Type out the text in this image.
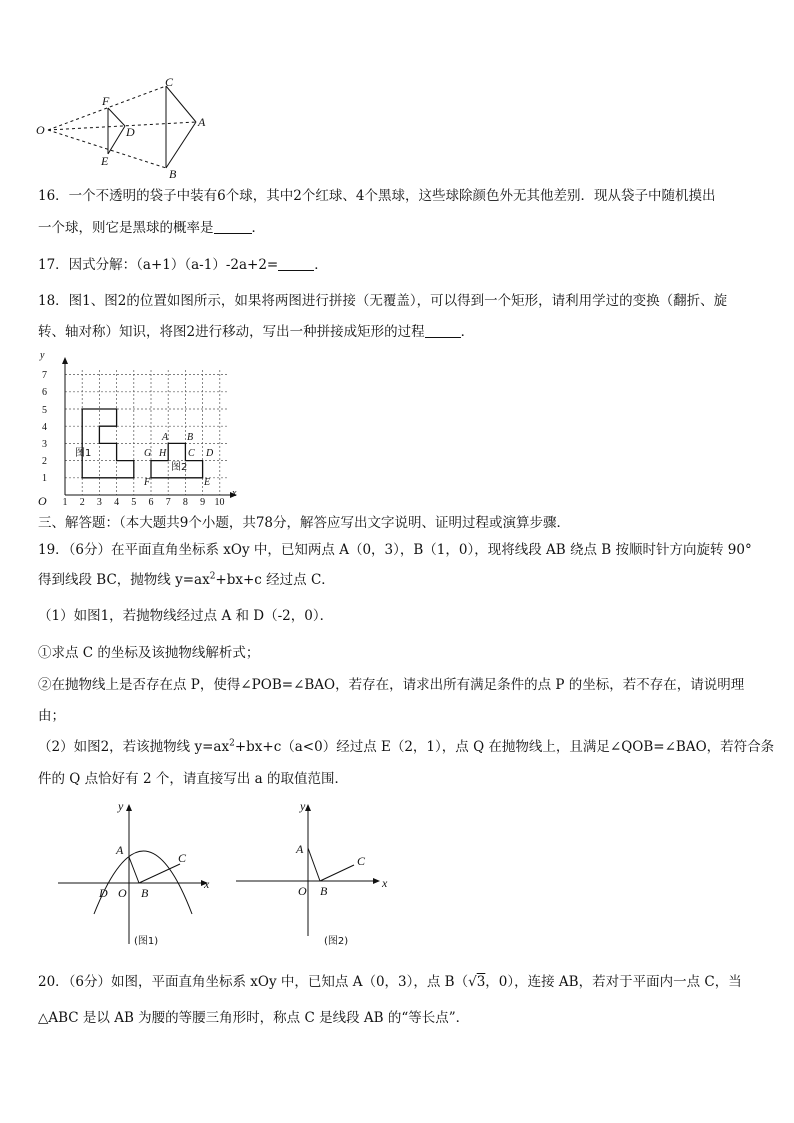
O
F
D
E
C
A
B
16．一个不透明的袋子中装有6个球，其中2个红球、4个黑球，这些球除颜色外无其他差别．现从袋子中随机摸出
一个球，则它是黑球的概率是	．
17．因式分解：（a+1）（a-1）-2a+2=	．
18．图1、图2的位置如图所示，如果将两图进行拼接（无覆盖），可以得到一个矩形，请利用学过的变换（翻折、旋
转、轴对称）知识，将图2进行移动，写出一种拼接成矩形的过程	．
y
x
O
1
2
3
4
5
6
7
1 2 3 4 5 6 7 8 9 10
图1
图2
A B
C D
E
F
G H
三、解答题：（本大题共9个小题，共78分，解答应写出文字说明、证明过程或演算步骤．
19．（6分）在平面直角坐标系 xOy 中，已知两点 A（0，3），B（1，0），现将线段 AB 绕点 B 按顺时针方向旋转 90°
得到线段 BC，抛物线 $y=ax^2+bx+c$ 经过点 C．
（1）如图1，若抛物线经过点 A 和 D（-2，0）．
①求点 C 的坐标及该抛物线解析式；
②在抛物线上是否存在点 P，使得∠POB=∠BAO，若存在，请求出所有满足条件的点 P 的坐标，若不存在，请说明理
由；
（2）如图2，若该抛物线 $y=ax^2+bx+c(a<0)$经过点 E（2，1），点 Q 在抛物线上，且满足∠QOB=∠BAO，若符合条
件的 Q 点恰好有 2 个，请直接写出 a 的取值范围．
y
x
A
C
D O B
(图1)
y
x
A
C
O B
(图2)
20．（6分）如图，平面直角坐标系 xOy 中，已知点 A（0，3），点 B（√3，0），连接 AB，若对于平面内一点 C，当
△ABC 是以 AB 为腰的等腰三角形时，称点 C 是线段 AB 的“等长点”．
